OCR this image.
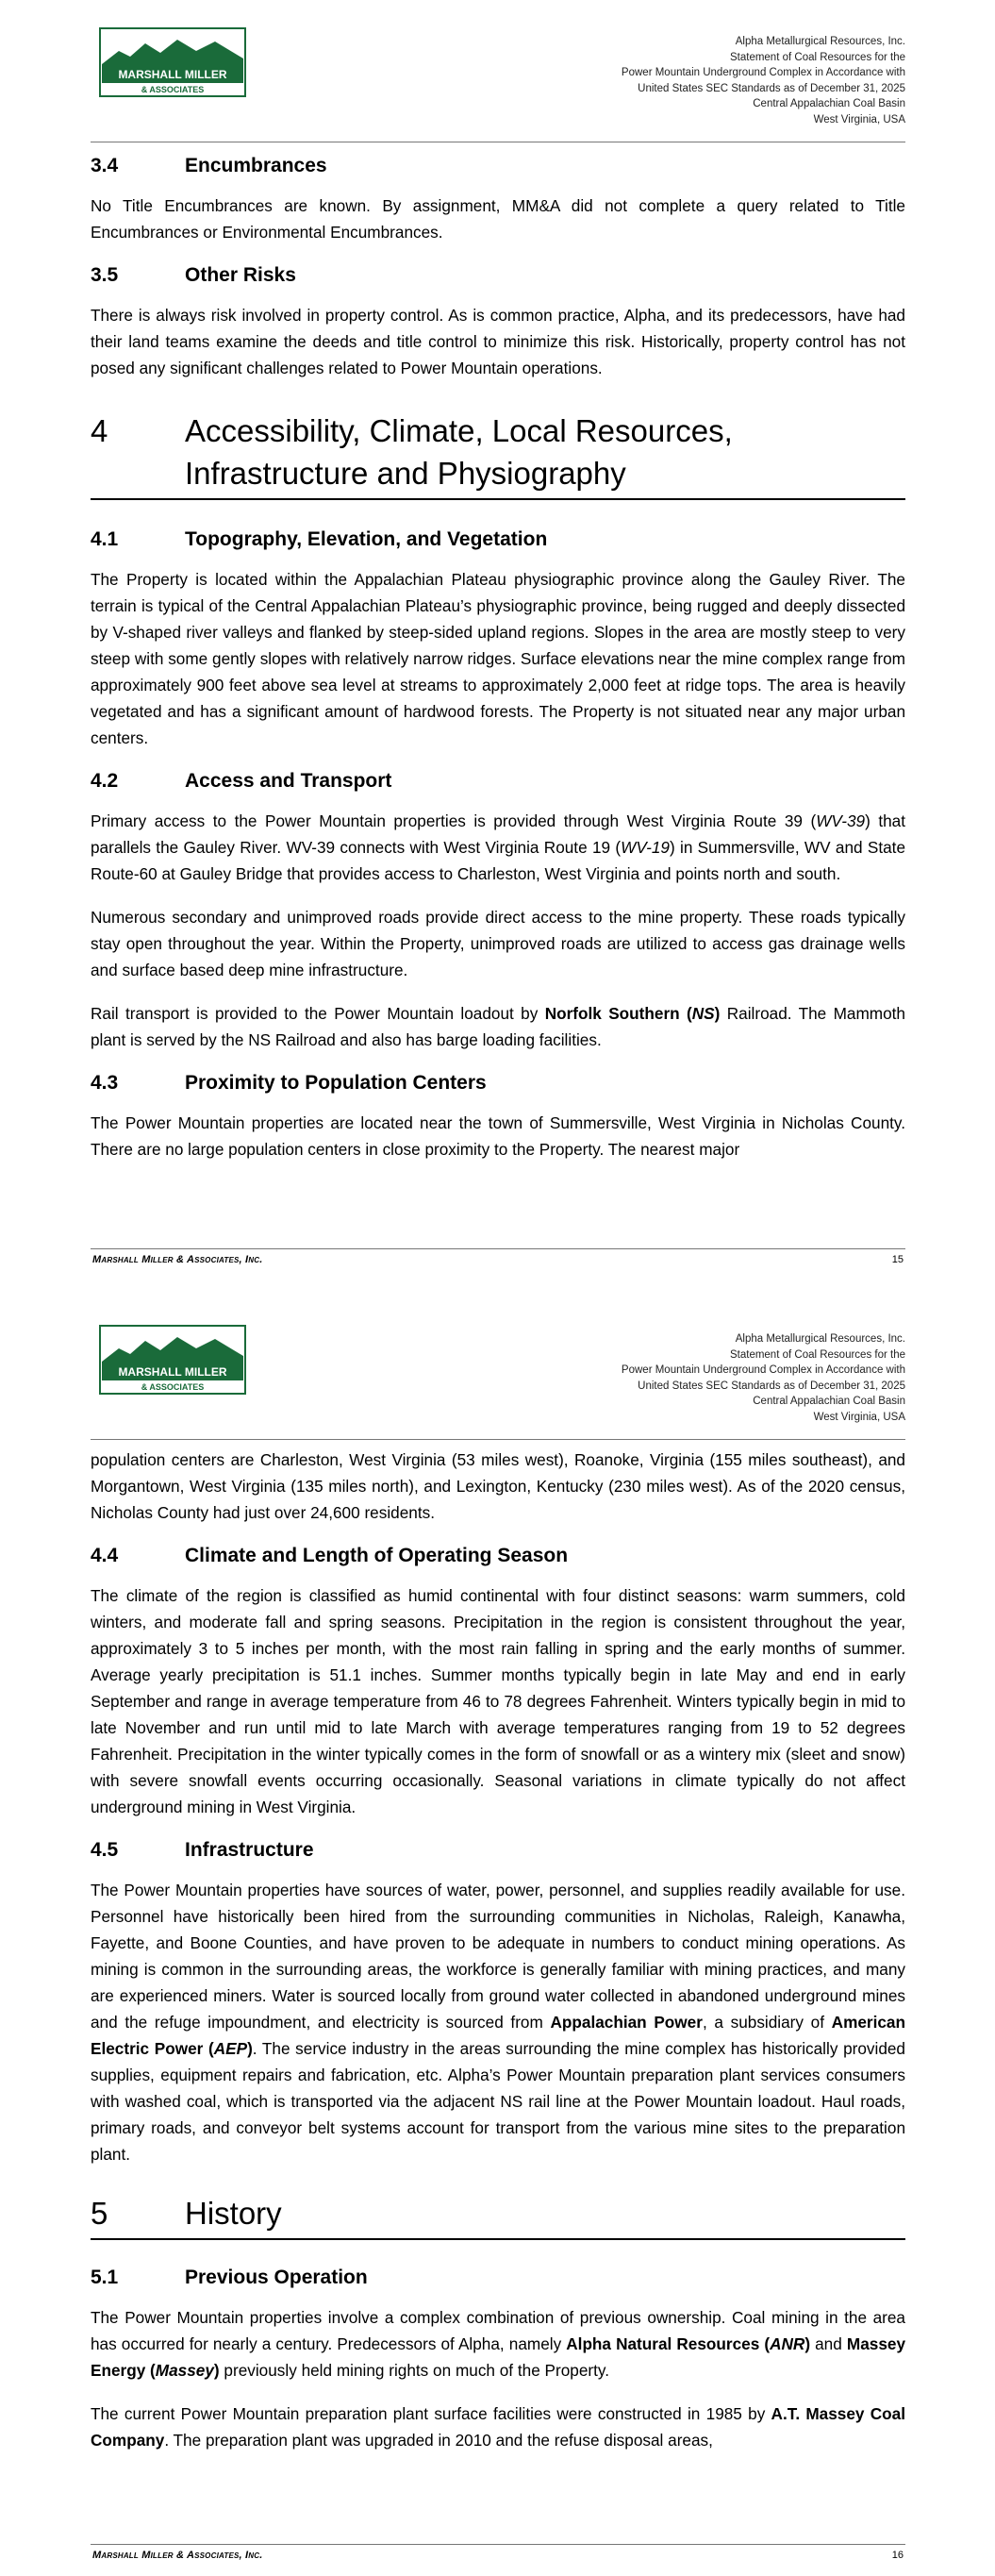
MARSHALL MILLER
& ASSOCIATES
Alpha Metallurgical Resources, Inc.
Statement of Coal Resources for the
Power Mountain Underground Complex in Accordance with
United States SEC Standards as of December 31, 2025
Central Appalachian Coal Basin
West Virginia, USA
3.4	Encumbrances

No Title Encumbrances are known. By assignment, MM&A did not complete a query related to Title Encumbrances or Environmental Encumbrances.

3.5	Other Risks

There is always risk involved in property control. As is common practice, Alpha, and its predecessors, have had their land teams examine the deeds and title control to minimize this risk. Historically, property control has not posed any significant challenges related to Power Mountain operations.

4 Accessibility, Climate, Local Resources, Infrastructure and Physiography
4.1	Topography, Elevation, and Vegetation

The Property is located within the Appalachian Plateau physiographic province along the Gauley River. The terrain is typical of the Central Appalachian Plateau’s physiographic province, being rugged and deeply dissected by V-shaped river valleys and flanked by steep-sided upland regions. Slopes in the area are mostly steep to very steep with some gently slopes with relatively narrow ridges. Surface elevations near the mine complex range from approximately 900 feet above sea level at streams to approximately 2,000 feet at ridge tops. The area is heavily vegetated and has a significant amount of hardwood forests. The Property is not situated near any major urban centers.

4.2	Access and Transport

Primary access to the Power Mountain properties is provided through West Virginia Route 39 (WV-39) that parallels the Gauley River. WV-39 connects with West Virginia Route 19 (WV-19) in Summersville, WV and State Route-60 at Gauley Bridge that provides access to Charleston, West Virginia and points north and south.

Numerous secondary and unimproved roads provide direct access to the mine property. These roads typically stay open throughout the year. Within the Property, unimproved roads are utilized to access gas drainage wells and surface based deep mine infrastructure.

Rail transport is provided to the Power Mountain loadout by Norfolk Southern (NS) Railroad. The Mammoth plant is served by the NS Railroad and also has barge loading facilities.

4.3	Proximity to Population Centers

The Power Mountain properties are located near the town of Summersville, West Virginia in Nicholas County. There are no large population centers in close proximity to the Property. The nearest major

Marshall Miller & Associates, Inc.	15
MARSHALL MILLER
& ASSOCIATES
Alpha Metallurgical Resources, Inc.
Statement of Coal Resources for the
Power Mountain Underground Complex in Accordance with
United States SEC Standards as of December 31, 2025
Central Appalachian Coal Basin
West Virginia, USA

population centers are Charleston, West Virginia (53 miles west), Roanoke, Virginia (155 miles southeast), and Morgantown, West Virginia (135 miles north), and Lexington, Kentucky (230 miles west). As of the 2020 census, Nicholas County had just over 24,600 residents.

4.4	Climate and Length of Operating Season

The climate of the region is classified as humid continental with four distinct seasons: warm summers, cold winters, and moderate fall and spring seasons. Precipitation in the region is consistent throughout the year, approximately 3 to 5 inches per month, with the most rain falling in spring and the early months of summer. Average yearly precipitation is 51.1 inches. Summer months typically begin in late May and end in early September and range in average temperature from 46 to 78 degrees Fahrenheit. Winters typically begin in mid to late November and run until mid to late March with average temperatures ranging from 19 to 52 degrees Fahrenheit. Precipitation in the winter typically comes in the form of snowfall or as a wintery mix (sleet and snow) with severe snowfall events occurring occasionally. Seasonal variations in climate typically do not affect underground mining in West Virginia.

4.5	Infrastructure

The Power Mountain properties have sources of water, power, personnel, and supplies readily available for use. Personnel have historically been hired from the surrounding communities in Nicholas, Raleigh, Kanawha, Fayette, and Boone Counties, and have proven to be adequate in numbers to conduct mining operations. As mining is common in the surrounding areas, the workforce is generally familiar with mining practices, and many are experienced miners. Water is sourced locally from ground water collected in abandoned underground mines and the refuge impoundment, and electricity is sourced from Appalachian Power, a subsidiary of American Electric Power (AEP). The service industry in the areas surrounding the mine complex has historically provided supplies, equipment repairs and fabrication, etc. Alpha’s Power Mountain preparation plant services consumers with washed coal, which is transported via the adjacent NS rail line at the Power Mountain loadout. Haul roads, primary roads, and conveyor belt systems account for transport from the various mine sites to the preparation plant.

5 History
5.1	Previous Operation

The Power Mountain properties involve a complex combination of previous ownership. Coal mining in the area has occurred for nearly a century. Predecessors of Alpha, namely Alpha Natural Resources (ANR) and Massey Energy (Massey) previously held mining rights on much of the Property.

The current Power Mountain preparation plant surface facilities were constructed in 1985 by A.T. Massey Coal Company. The preparation plant was upgraded in 2010 and the refuse disposal areas,

Marshall Miller & Associates, Inc.	16
